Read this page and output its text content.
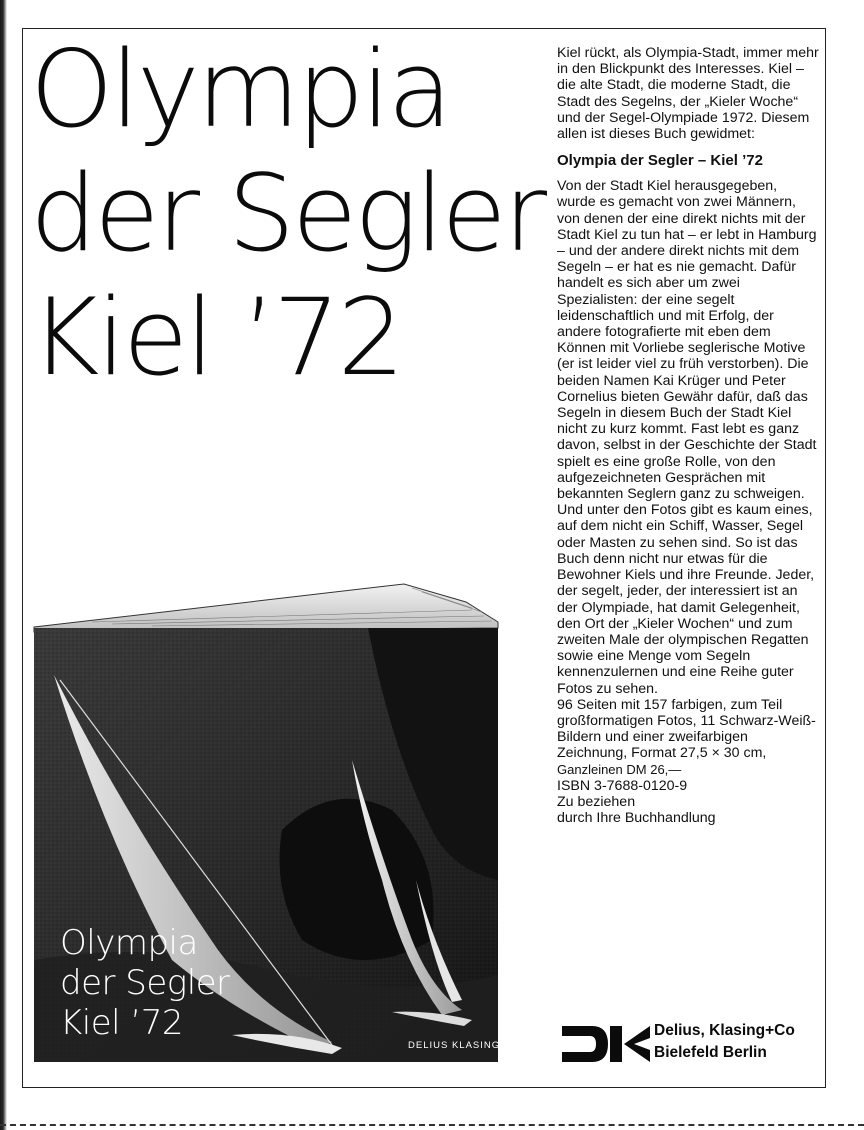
Olympia
der Segler
Kiel ’72

Kiel rückt, als Olympia-Stadt, immer mehr in den Blickpunkt des Interesses. Kiel – die alte Stadt, die moderne Stadt, die Stadt des Segelns, der „Kieler Woche“ und der Segel-Olympiade 1972. Diesem allen ist dieses Buch gewidmet:

Olympia der Segler – Kiel ’72

Von der Stadt Kiel herausgegeben, wurde es gemacht von zwei Männern, von denen der eine direkt nichts mit der Stadt Kiel zu tun hat – er lebt in Hamburg – und der andere direkt nichts mit dem Segeln – er hat es nie gemacht. Dafür handelt es sich aber um zwei Spezialisten: der eine segelt leidenschaftlich und mit Erfolg, der andere fotografierte mit eben dem Können mit Vorliebe seglerische Motive (er ist leider viel zu früh verstorben). Die beiden Namen Kai Krüger und Peter Cornelius bieten Gewähr dafür, daß das Segeln in diesem Buch der Stadt Kiel nicht zu kurz kommt. Fast lebt es ganz davon, selbst in der Geschichte der Stadt spielt es eine große Rolle, von den aufgezeichneten Gesprächen mit bekannten Seglern ganz zu schweigen. Und unter den Fotos gibt es kaum eines, auf dem nicht ein Schiff, Wasser, Segel oder Masten zu sehen sind. So ist das Buch denn nicht nur etwas für die Bewohner Kiels und ihre Freunde. Jeder, der segelt, jeder, der interessiert ist an der Olympiade, hat damit Gelegenheit, den Ort der „Kieler Wochen“ und zum zweiten Male der olympischen Regatten sowie eine Menge vom Segeln kennenzulernen und eine Reihe guter Fotos zu sehen.

96 Seiten mit 157 farbigen, zum Teil großformatigen Fotos, 11 Schwarz-Weiß-Bildern und einer zweifarbigen Zeichnung, Format 27,5 × 30 cm,

Ganzleinen DM 26,—

ISBN 3-7688-0120-9

Zu beziehen

durch Ihre Buchhandlung

Olympia
der Segler
Kiel ’72
DELIUS KLASING
Delius, Klasing+Co
Bielefeld Berlin
